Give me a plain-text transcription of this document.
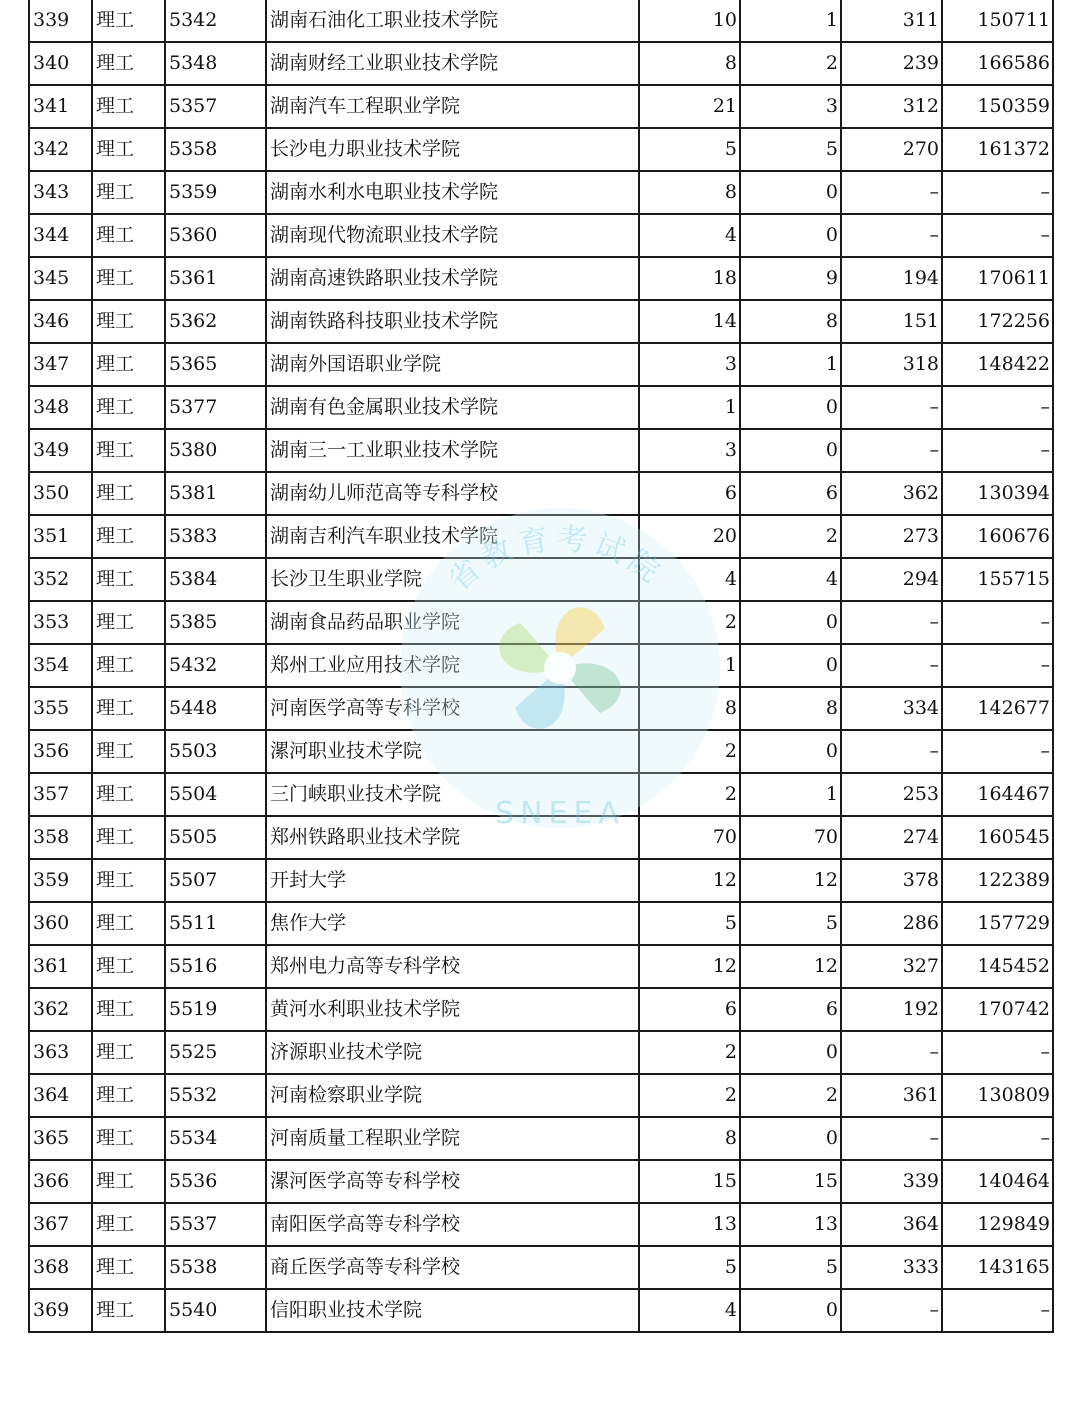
339	理工	5342	湖南石油化工职业技术学院	10	1	311	150711
340	理工	5348	湖南财经工业职业技术学院	8	2	239	166586
341	理工	5357	湖南汽车工程职业学院	21	3	312	150359
342	理工	5358	长沙电力职业技术学院	5	5	270	161372
343	理工	5359	湖南水利水电职业技术学院	8	0	–	–
344	理工	5360	湖南现代物流职业技术学院	4	0	–	–
345	理工	5361	湖南高速铁路职业技术学院	18	9	194	170611
346	理工	5362	湖南铁路科技职业技术学院	14	8	151	172256
347	理工	5365	湖南外国语职业学院	3	1	318	148422
348	理工	5377	湖南有色金属职业技术学院	1	0	–	–
349	理工	5380	湖南三一工业职业技术学院	3	0	–	–
350	理工	5381	湖南幼儿师范高等专科学校	6	6	362	130394
351	理工	5383	湖南吉利汽车职业技术学院	20	2	273	160676
352	理工	5384	长沙卫生职业学院	4	4	294	155715
353	理工	5385	湖南食品药品职业学院	2	0	–	–
354	理工	5432	郑州工业应用技术学院	1	0	–	–
355	理工	5448	河南医学高等专科学校	8	8	334	142677
356	理工	5503	漯河职业技术学院	2	0	–	–
357	理工	5504	三门峡职业技术学院	2	1	253	164467
358	理工	5505	郑州铁路职业技术学院	70	70	274	160545
359	理工	5507	开封大学	12	12	378	122389
360	理工	5511	焦作大学	5	5	286	157729
361	理工	5516	郑州电力高等专科学校	12	12	327	145452
362	理工	5519	黄河水利职业技术学院	6	6	192	170742
363	理工	5525	济源职业技术学院	2	0	–	–
364	理工	5532	河南检察职业学院	2	2	361	130809
365	理工	5534	河南质量工程职业学院	8	0	–	–
366	理工	5536	漯河医学高等专科学校	15	15	339	140464
367	理工	5537	南阳医学高等专科学校	13	13	364	129849
368	理工	5538	商丘医学高等专科学校	5	5	333	143165
369	理工	5540	信阳职业技术学院	4	0	–	–
省教育考试院
SNEEA
